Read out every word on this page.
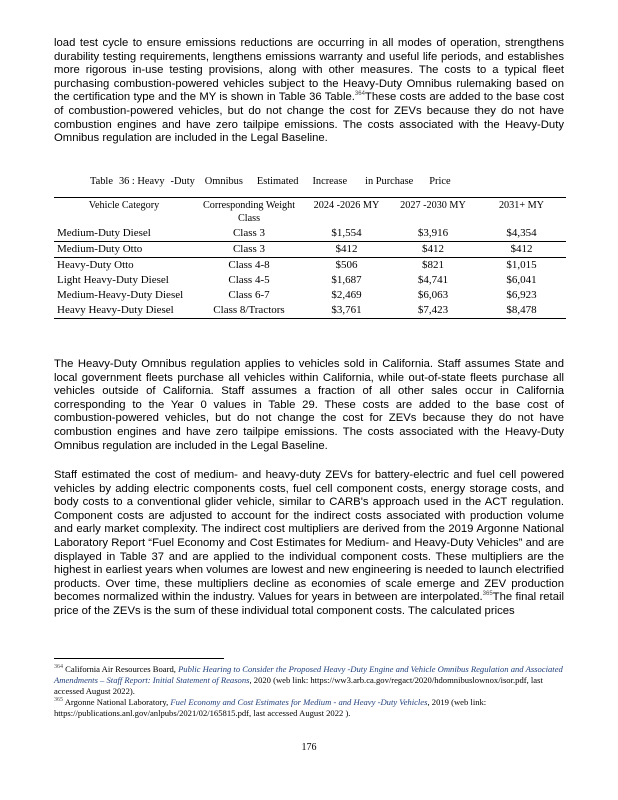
load test cycle to ensure emissions reductions are occurring in all modes of operation, strengthens durability testing requirements, lengthens emissions warranty and useful life periods, and establishes more rigorous in-use testing provisions, along with other measures. The costs to a typical fleet purchasing combustion-powered vehicles subject to the Heavy-Duty Omnibus rulemaking based on the certification type and the MY is shown in Table 36 Table.$^{364}$These costs are added to the base cost of combustion-powered vehicles, but do not change the cost for ZEVs because they do not have combustion engines and have zero tailpipe emissions. The costs associated with the Heavy-Duty Omnibus regulation are included in the Legal Baseline.

Table 36 : Heavy -Duty Omnibus Estimated Increase in Purchase Price
Vehicle Category	Corresponding Weight Class	2024 -2026 MY	2027 -2030 MY	2031+ MY
Medium-Duty Diesel	Class 3	$1,554	$3,916	$4,354
Medium-Duty Otto	Class 3	$412	$412	$412
Heavy-Duty Otto	Class 4-8	$506	$821	$1,015
Light Heavy-Duty Diesel	Class 4-5	$1,687	$4,741	$6,041
Medium-Heavy-Duty Diesel	Class 6-7	$2,469	$6,063	$6,923
Heavy Heavy-Duty Diesel	Class 8/Tractors	$3,761	$7,423	$8,478

The Heavy-Duty Omnibus regulation applies to vehicles sold in California. Staff assumes State and local government fleets purchase all vehicles within California, while out-of-state fleets purchase all vehicles outside of California. Staff assumes a fraction of all other sales occur in California corresponding to the Year 0 values in Table 29. These costs are added to the base cost of combustion-powered vehicles, but do not change the cost for ZEVs because they do not have combustion engines and have zero tailpipe emissions. The costs associated with the Heavy-Duty Omnibus regulation are included in the Legal Baseline.

Staff estimated the cost of medium- and heavy-duty ZEVs for battery-electric and fuel cell powered vehicles by adding electric components costs, fuel cell component costs, energy storage costs, and body costs to a conventional glider vehicle, similar to CARB's approach used in the ACT regulation. Component costs are adjusted to account for the indirect costs associated with production volume and early market complexity. The indirect cost multipliers are derived from the 2019 Argonne National Laboratory Report “Fuel Economy and Cost Estimates for Medium- and Heavy-Duty Vehicles” and are displayed in Table 37 and are applied to the individual component costs. These multipliers are the highest in earliest years when volumes are lowest and new engineering is needed to launch electrified products. Over time, these multipliers decline as economies of scale emerge and ZEV production becomes normalized within the industry. Values for years in between are interpolated.$^{365}$The final retail price of the ZEVs is the sum of these individual total component costs. The calculated prices

$^{364}$ California Air Resources Board, Public Hearing to Consider the Proposed Heavy -Duty Engine and Vehicle Omnibus Regulation and Associated Amendments – Staff Report: Initial Statement of Reasons, 2020 (web link: https://ww3.arb.ca.gov/regact/2020/hdomnibuslownox/isor.pdf, last accessed August 2022).

$^{365}$ Argonne National Laboratory, Fuel Economy and Cost Estimates for Medium - and Heavy -Duty Vehicles, 2019 (web link: https://publications.anl.gov/anlpubs/2021/02/165815.pdf, last accessed August 2022 ).

176
